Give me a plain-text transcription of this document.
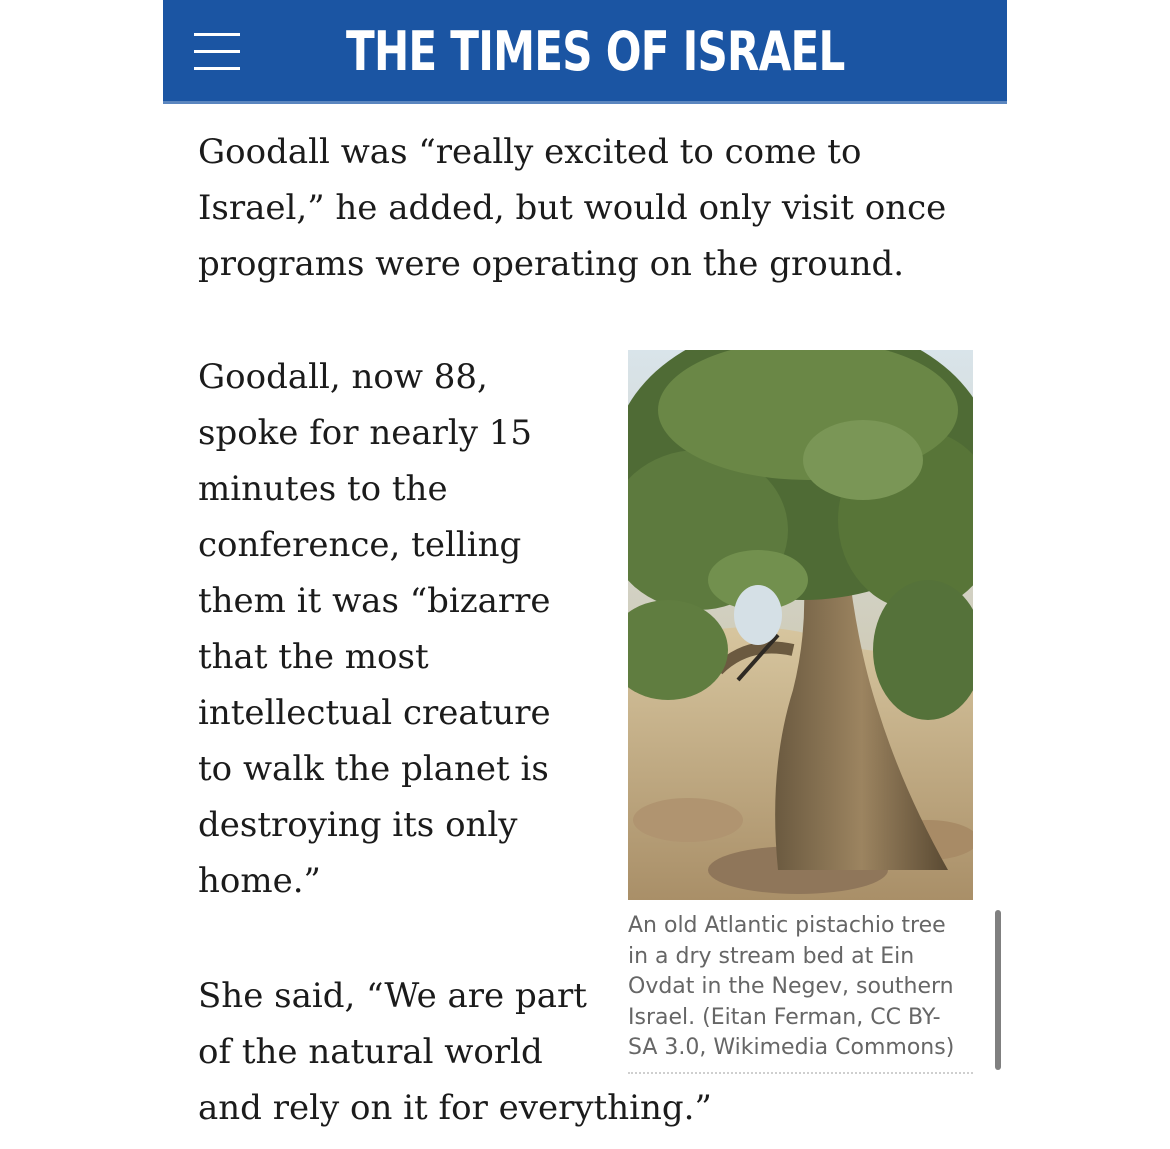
THE TIMES OF ISRAEL

Goodall was “really excited to come to
Israel,” he added, but would only visit once
programs were operating on the ground.

Goodall, now 88,
spoke for nearly 15
minutes to the
conference, telling
them it was “bizarre
that the most
intellectual creature
to walk the planet is
destroying its only
home.”

An old Atlantic pistachio tree
in a dry stream bed at Ein
Ovdat in the Negev, southern
Israel. (Eitan Ferman, CC BY-
SA 3.0, Wikimedia Commons)

She said, “We are part
of the natural world
and rely on it for everything.”
